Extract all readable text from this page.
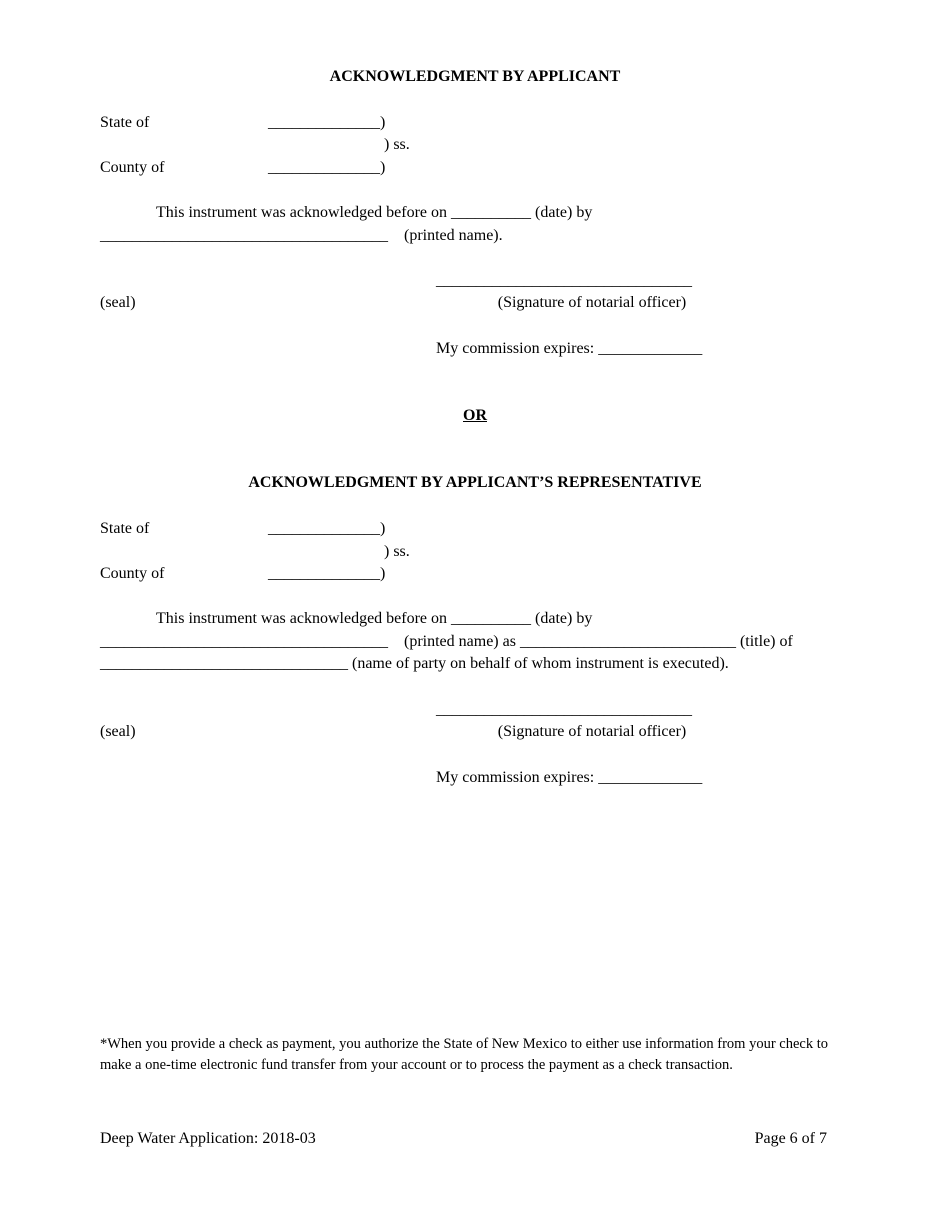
ACKNOWLEDGMENT BY APPLICANT
State of	______________)
) ss.
County of	______________)
This instrument was acknowledged before on __________ (date) by
____________________________________    (printed name).
________________________________
(seal)	(Signature of notarial officer)
My commission expires: _____________
OR
ACKNOWLEDGMENT BY APPLICANT’S REPRESENTATIVE
State of	______________)
) ss.
County of	______________)
This instrument was acknowledged before on __________ (date) by
____________________________________    (printed name) as ___________________________ (title) of
_______________________________ (name of party on behalf of whom instrument is executed).
________________________________
(seal)	(Signature of notarial officer)
My commission expires: _____________
*When you provide a check as payment, you authorize the State of New Mexico to either use information from your check to make a one-time electronic fund transfer from your account or to process the payment as a check transaction.
Deep Water Application: 2018-03	Page 6 of 7
